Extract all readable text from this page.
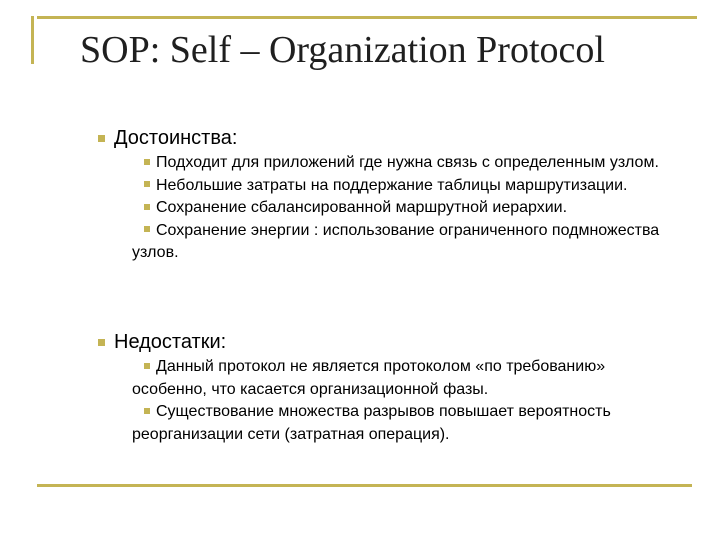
SOP: Self – Organization Protocol
Достоинства:
Подходит для приложений где нужна связь с определенным узлом.
Небольшие затраты на поддержание таблицы маршрутизации.
Сохранение сбалансированной маршрутной иерархии.
Сохранение энергии : использование ограниченного подмножества узлов.
Недостатки:
Данный протокол не является протоколом «по требованию» особенно, что касается организационной фазы.
Существование множества разрывов повышает вероятность реорганизации сети (затратная операция).
